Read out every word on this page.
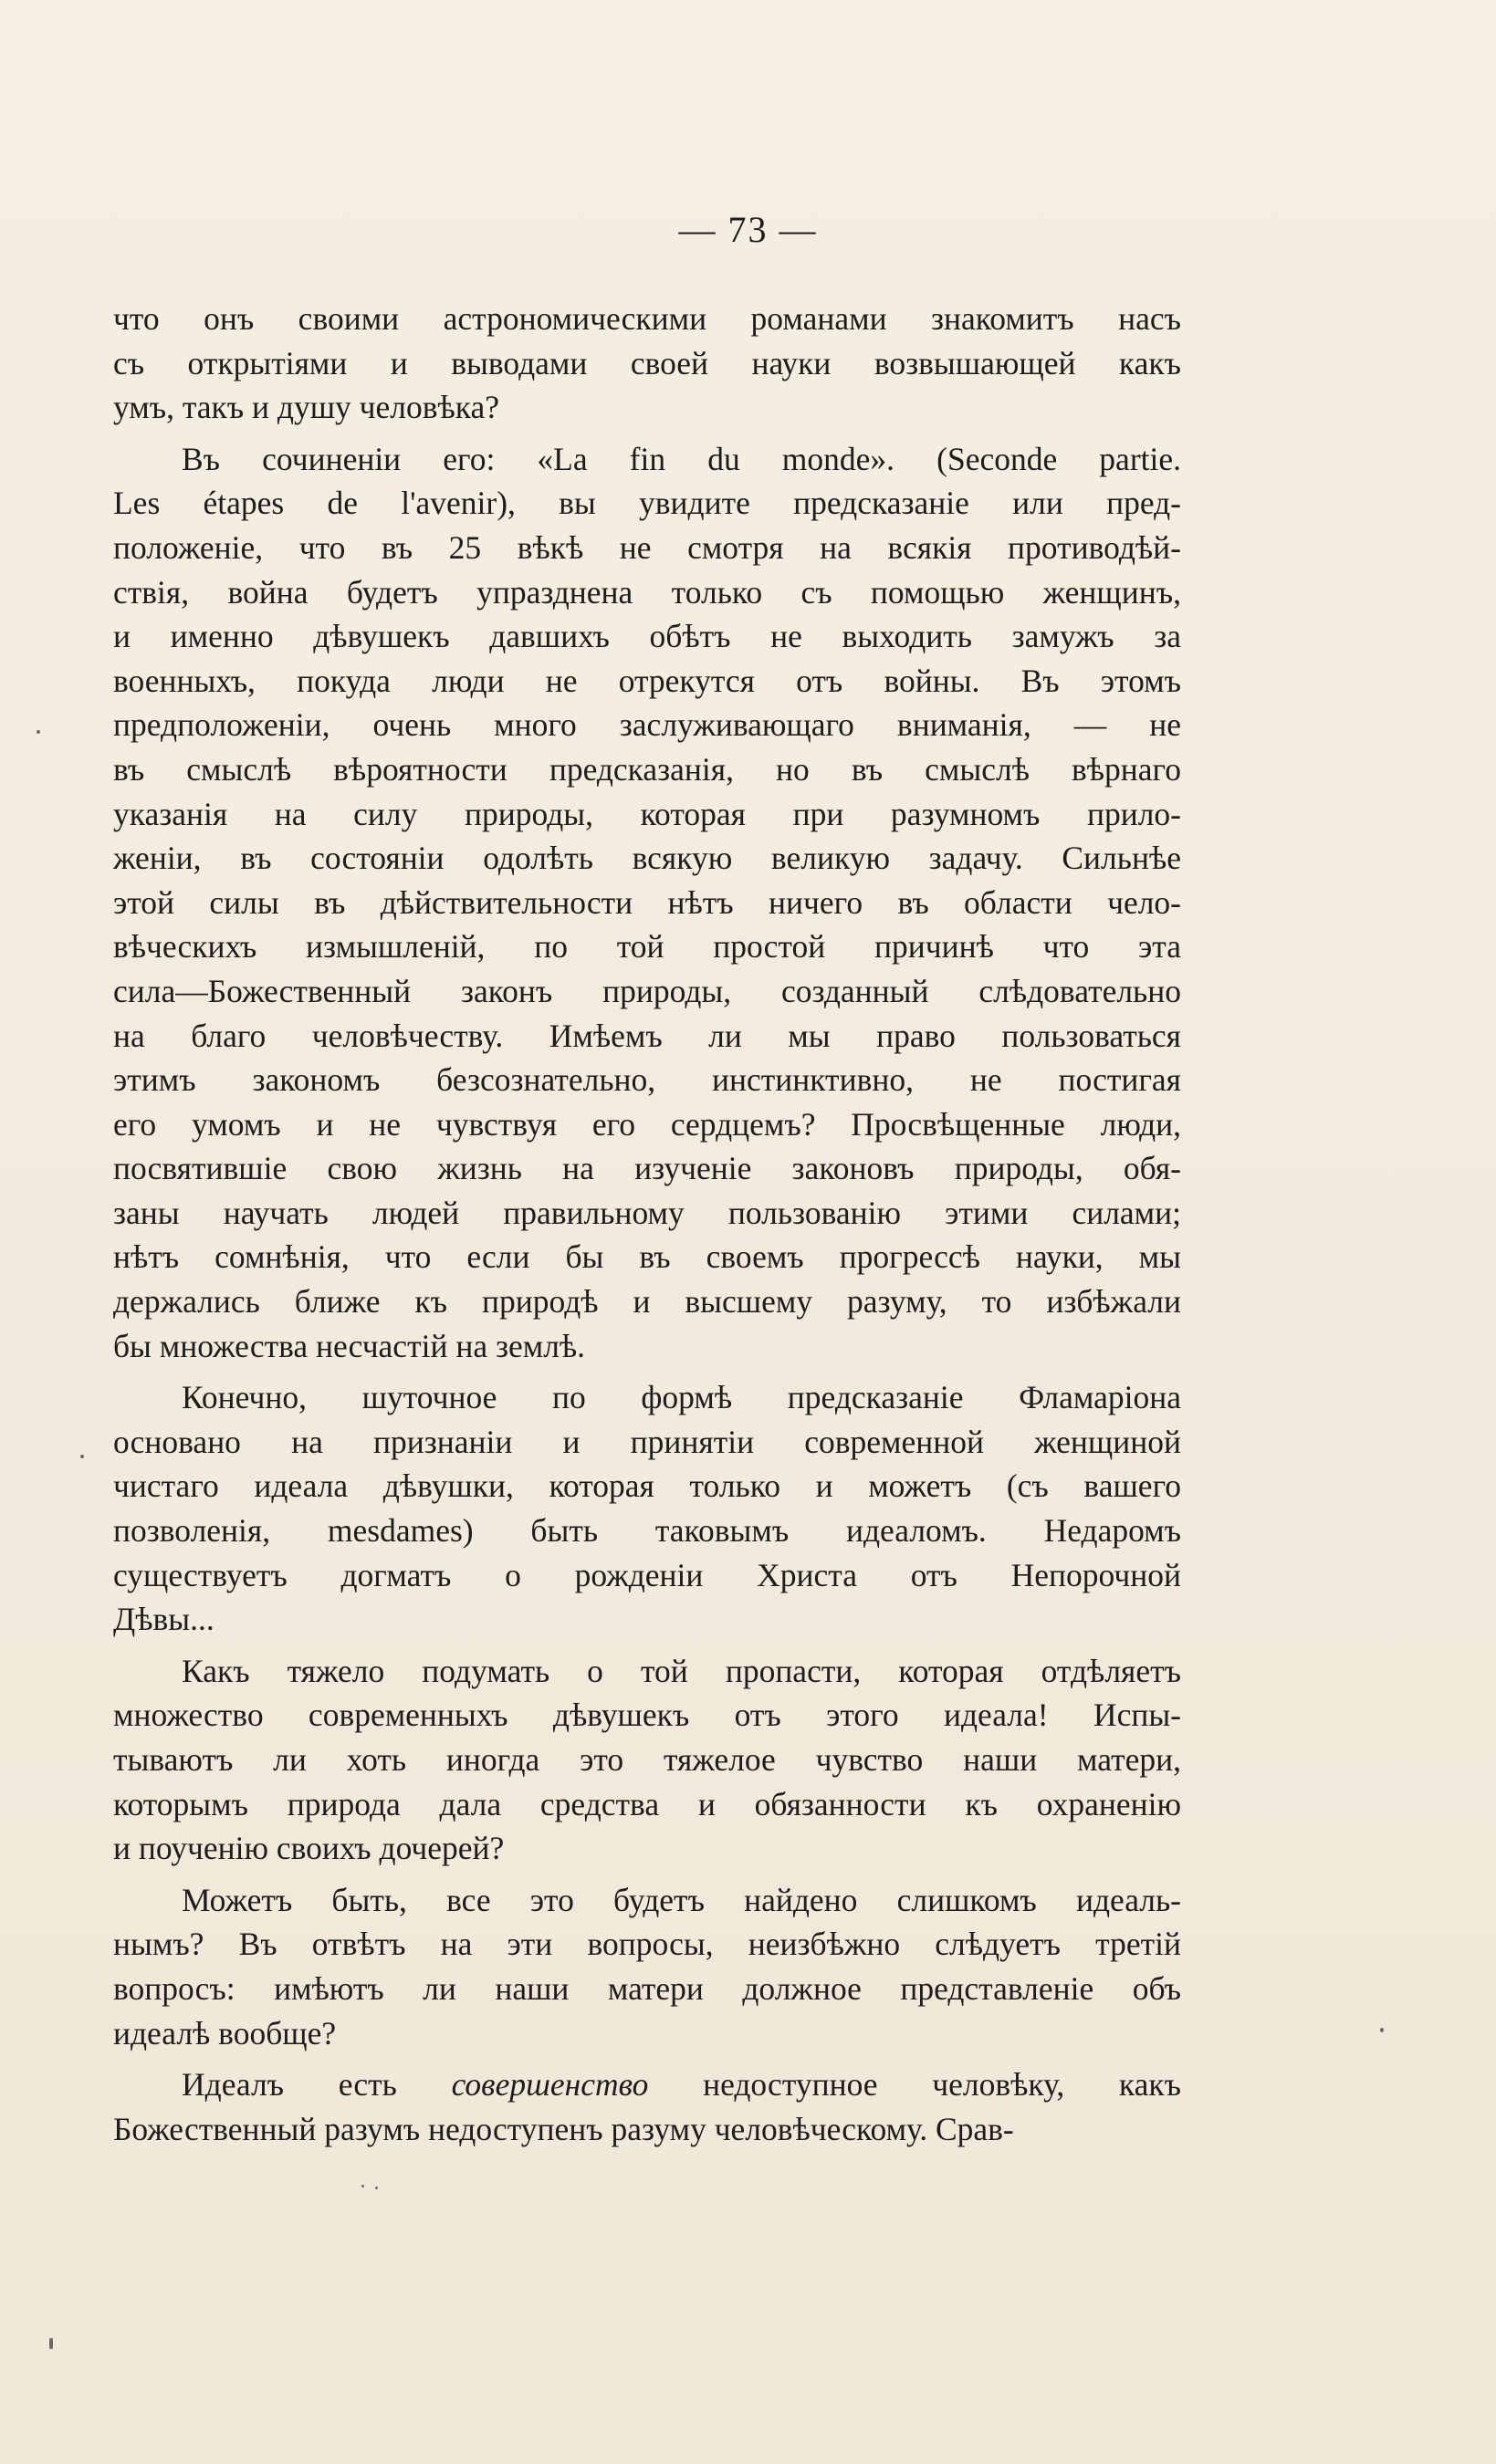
— 73 —

что онъ своими астрономическими романами знакомитъ насъ
съ открытіями и выводами своей науки возвышающей какъ
умъ, такъ и душу человѣка?

Въ сочиненіи его: «La fin du monde». (Seconde partie.
Les étapes de l'avenir), вы увидите предсказаніе или пред-
положеніе, что въ 25 вѣкѣ не смотря на всякія противодѣй-
ствія, война будетъ упразднена только съ помощью женщинъ,
и именно дѣвушекъ давшихъ обѣтъ не выходить замужъ за
военныхъ, покуда люди не отрекутся отъ войны. Въ этомъ
предположеніи, очень много заслуживающаго вниманія, — не
въ смыслѣ вѣроятности предсказанія, но въ смыслѣ вѣрнаго
указанія на силу природы, которая при разумномъ прило-
женіи, въ состояніи одолѣть всякую великую задачу. Сильнѣе
этой силы въ дѣйствительности нѣтъ ничего въ области чело-
вѣческихъ измышленій, по той простой причинѣ что эта
сила—Божественный законъ природы, созданный слѣдовательно
на благо человѣчеству. Имѣемъ ли мы право пользоваться
этимъ закономъ безсознательно, инстинктивно, не постигая
его умомъ и не чувствуя его сердцемъ? Просвѣщенные люди,
посвятившіе свою жизнь на изученіе законовъ природы, обя-
заны научать людей правильному пользованію этими силами;
нѣтъ сомнѣнія, что если бы въ своемъ прогрессѣ науки, мы
держались ближе къ природѣ и высшему разуму, то избѣжали
бы множества несчастій на землѣ.

Конечно, шуточное по формѣ предсказаніе Фламаріона
основано на признаніи и принятіи современной женщиной
чистаго идеала дѣвушки, которая только и можетъ (съ вашего
позволенія, mesdames) быть таковымъ идеаломъ. Недаромъ
существуетъ догматъ о рожденіи Христа отъ Непорочной
Дѣвы...

Какъ тяжело подумать о той пропасти, которая отдѣляетъ
множество современныхъ дѣвушекъ отъ этого идеала! Испы-
тываютъ ли хоть иногда это тяжелое чувство наши матери,
которымъ природа дала средства и обязанности къ охраненію
и поученію своихъ дочерей?

Можетъ быть, все это будетъ найдено слишкомъ идеаль-
нымъ? Въ отвѣтъ на эти вопросы, неизбѣжно слѣдуетъ третій
вопросъ: имѣютъ ли наши матери должное представленіе объ
идеалѣ вообще?

Идеалъ есть совершенство недоступное человѣку, какъ
Божественный разумъ недоступенъ разуму человѣческому. Срав-
